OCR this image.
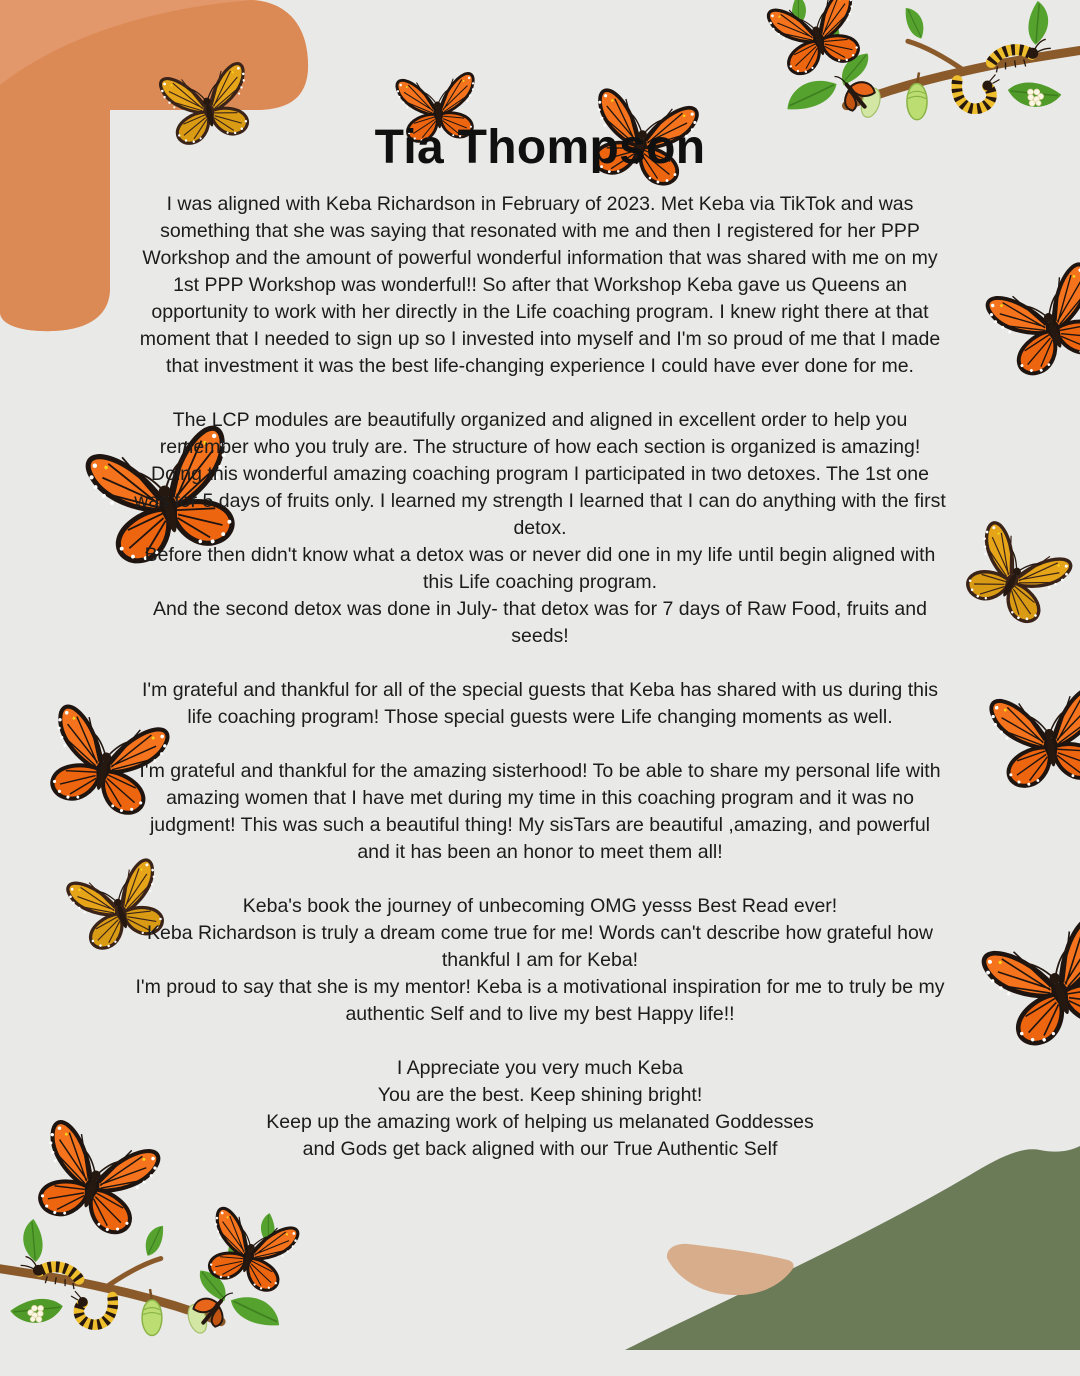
Tia Thompson

I was aligned with Keba Richardson in February of 2023. Met Keba via TikTok and was something that she was saying that resonated with me and then I registered for her PPP Workshop and the amount of powerful wonderful information that was shared with me on my 1st PPP Workshop was wonderful!! So after that Workshop Keba gave us Queens an opportunity to work with her directly in the Life coaching program. I knew right there at that moment that I needed to sign up so I invested into myself and I'm so proud of me that I made that investment it was the best life-changing experience I could have ever done for me.

The LCP modules are beautifully organized and aligned in excellent order to help you remember who you truly are. The structure of how each section is organized is amazing! Doing this wonderful amazing coaching program I participated in two detoxes. The 1st one was for 5 days of fruits only. I learned my strength I learned that I can do anything with the first detox.

Before then didn't know what a detox was or never did one in my life until begin aligned with this Life coaching program.

And the second detox was done in July- that detox was for 7 days of Raw Food, fruits and seeds!

I'm grateful and thankful for all of the special guests that Keba has shared with us during this life coaching program! Those special guests were Life changing moments as well.

I'm grateful and thankful for the amazing sisterhood! To be able to share my personal life with amazing women that I have met during my time in this coaching program and it was no judgment! This was such a beautiful thing! My sisTars are beautiful ,amazing, and powerful and it has been an honor to meet them all!

Keba's book the journey of unbecoming OMG yesss Best Read ever!

Keba Richardson is truly a dream come true for me! Words can't describe how grateful how thankful I am for Keba!

I'm proud to say that she is my mentor! Keba is a motivational inspiration for me to truly be my authentic Self and to live my best Happy life!!

I Appreciate you very much Keba

You are the best. Keep shining bright!

Keep up the amazing work of helping us melanated Goddesses

and Gods get back aligned with our True Authentic Self
